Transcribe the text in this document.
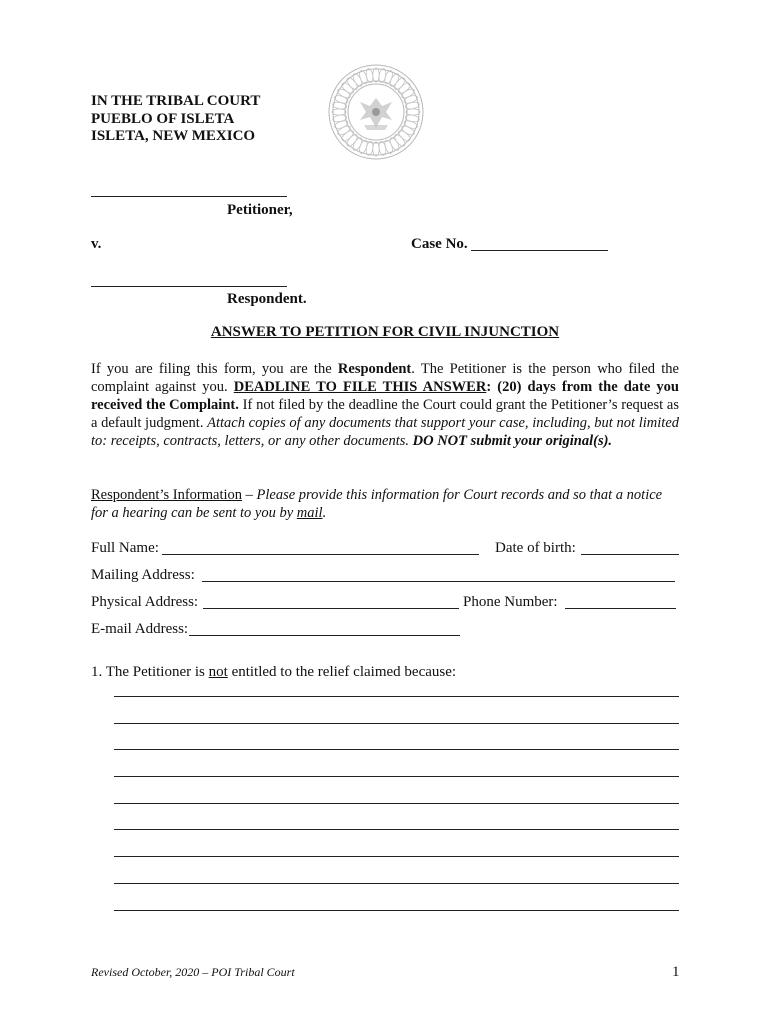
IN THE TRIBAL COURT
PUEBLO OF ISLETA
ISLETA, NEW MEXICO
Petitioner,
v.	Case No.
Respondent.
ANSWER TO PETITION FOR CIVIL INJUNCTION
If you are filing this form, you are the Respondent. The Petitioner is the person who filed the complaint against you. DEADLINE TO FILE THIS ANSWER: (20) days from the date you received the Complaint. If not filed by the deadline the Court could grant the Petitioner’s request as a default judgment. Attach copies of any documents that support your case, including, but not limited to: receipts, contracts, letters, or any other documents. DO NOT submit your original(s).
Respondent’s Information – Please provide this information for Court records and so that a notice for a hearing can be sent to you by mail.
Full Name:	Date of birth:
Mailing Address:
Physical Address:	Phone Number:
E-mail Address:
1. The Petitioner is not entitled to the relief claimed because:
Revised October, 2020 – POI Tribal Court	1
